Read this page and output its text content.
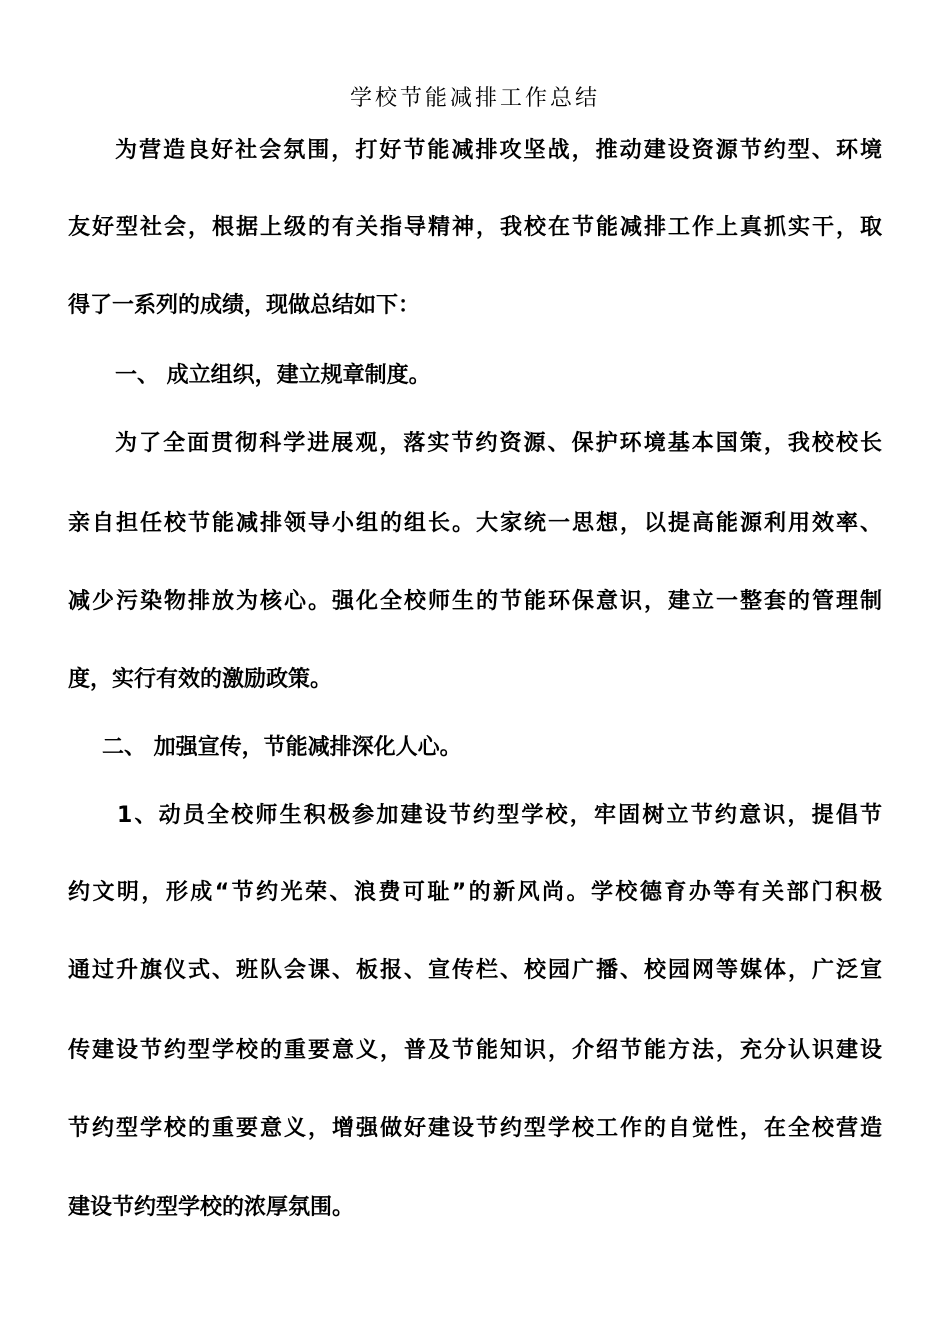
学校节能减排工作总结
为营造良好社会氛围，打好节能减排攻坚战，推动建设资源节约型、环境
友好型社会，根据上级的有关指导精神，我校在节能减排工作上真抓实干，取
得了一系列的成绩，现做总结如下：
一、 成立组织，建立规章制度。
为了全面贯彻科学进展观，落实节约资源、保护环境基本国策，我校校长
亲自担任校节能减排领导小组的组长。大家统一思想，以提高能源利用效率、
减少污染物排放为核心。强化全校师生的节能环保意识，建立一整套的管理制
度，实行有效的激励政策。
二、 加强宣传，节能减排深化人心。
1、动员全校师生积极参加建设节约型学校，牢固树立节约意识，提倡节
约文明，形成“节约光荣、浪费可耻”的新风尚。学校德育办等有关部门积极
通过升旗仪式、班队会课、板报、宣传栏、校园广播、校园网等媒体，广泛宣
传建设节约型学校的重要意义，普及节能知识，介绍节能方法，充分认识建设
节约型学校的重要意义，增强做好建设节约型学校工作的自觉性，在全校营造
建设节约型学校的浓厚氛围。
